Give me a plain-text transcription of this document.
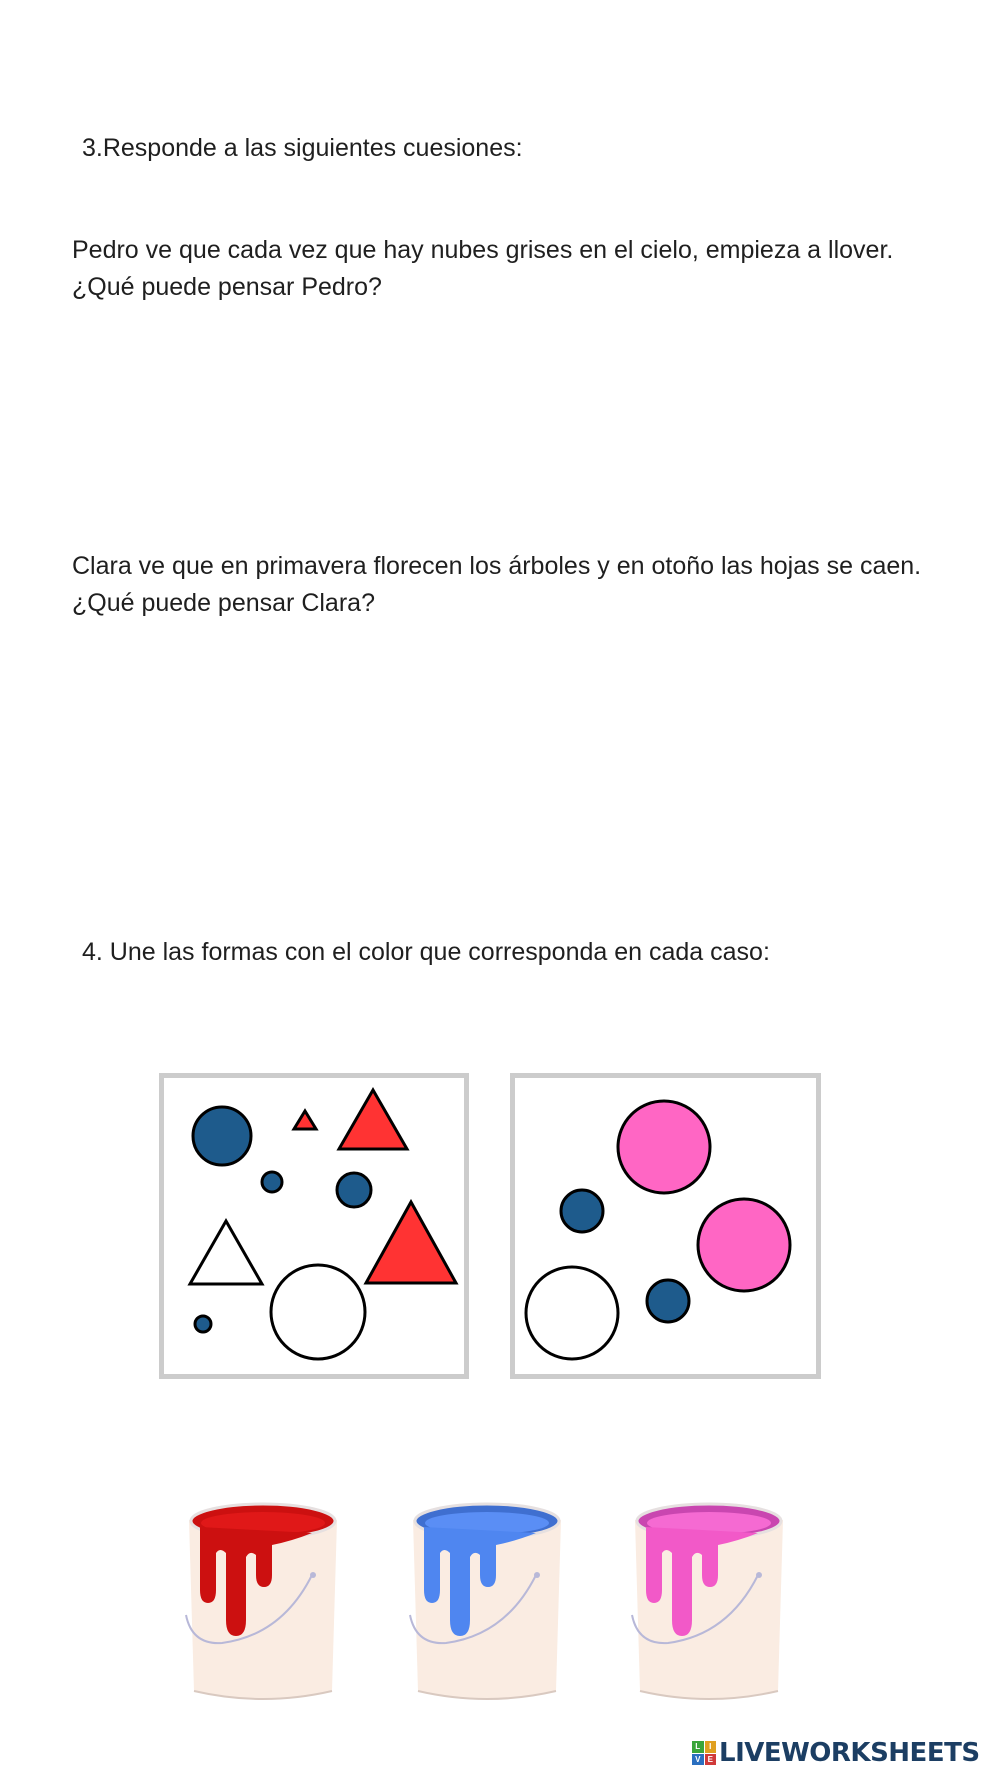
3.Responde a las siguientes cuesiones:

Pedro ve que cada vez que hay nubes grises en el cielo, empieza a llover. ¿Qué puede pensar Pedro?

Clara ve que en primavera florecen los árboles y en otoño las hojas se caen. ¿Qué puede pensar Clara?

4. Une las formas con el color que corresponda en cada caso:

L	I
V E LIVEWORKSHEETS
